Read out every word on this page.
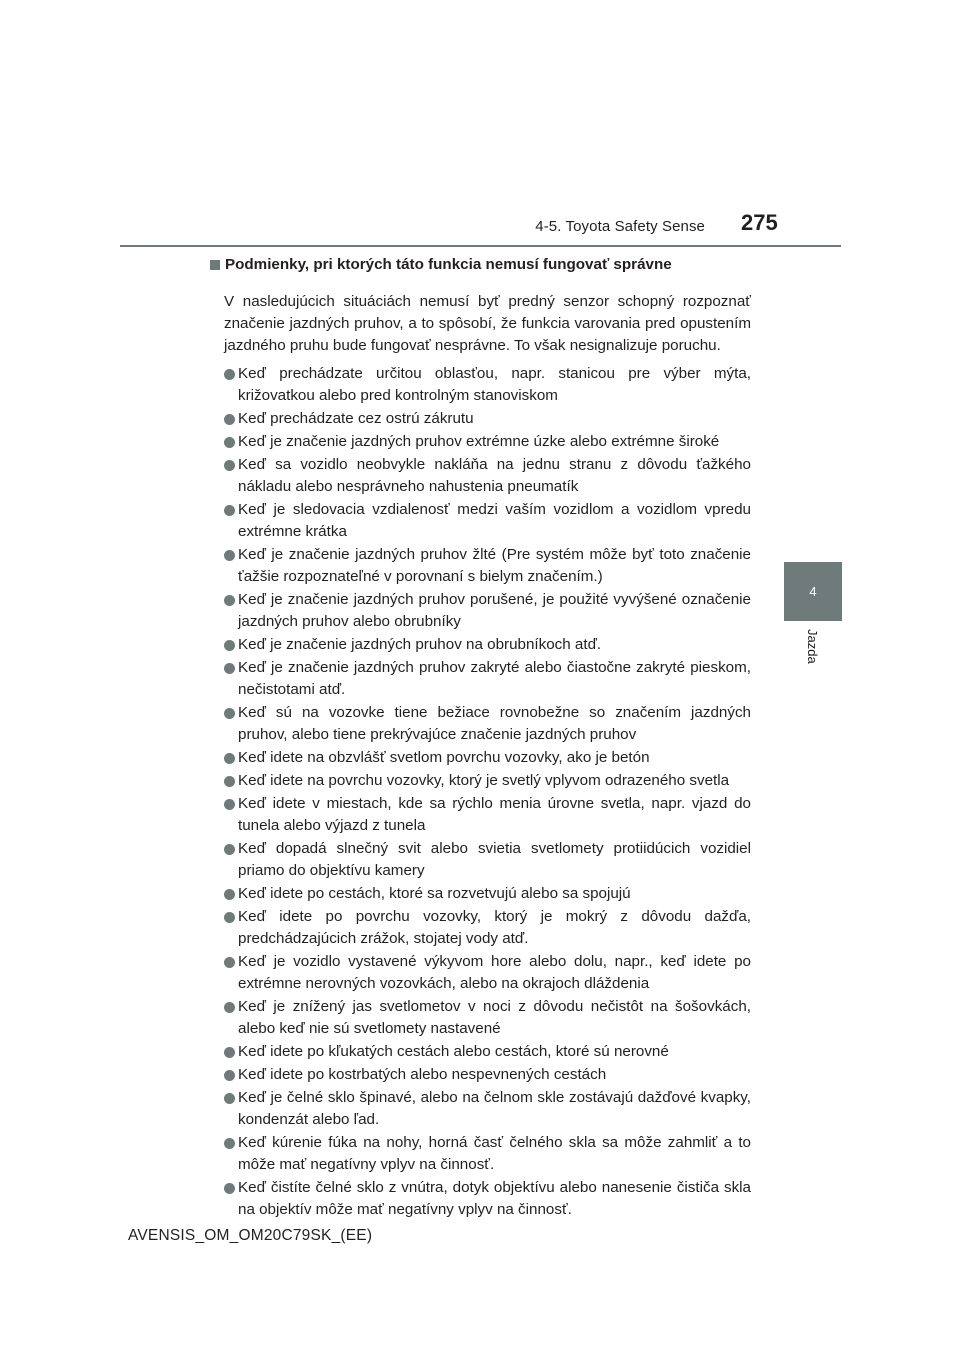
4-5. Toyota Safety Sense 275
4
Jazda
Podmienky, pri ktorých táto funkcia nemusí fungovať správne

V nasledujúcich situáciách nemusí byť predný senzor schopný rozpoznať značenie jazdných pruhov, a to spôsobí, že funkcia varovania pred opustením jazdného pruhu bude fungovať nesprávne. To však nesignalizuje poruchu.

Keď prechádzate určitou oblasťou, napr. stanicou pre výber mýta, križovatkou alebo pred kontrolným stanoviskom
Keď prechádzate cez ostrú zákrutu
Keď je značenie jazdných pruhov extrémne úzke alebo extrémne široké
Keď sa vozidlo neobvykle nakláňa na jednu stranu z dôvodu ťažkého nákladu alebo nesprávneho nahustenia pneumatík
Keď je sledovacia vzdialenosť medzi vaším vozidlom a vozidlom vpredu extrémne krátka
Keď je značenie jazdných pruhov žlté (Pre systém môže byť toto značenie ťažšie rozpoznateľné v porovnaní s bielym značením.)
Keď je značenie jazdných pruhov porušené, je použité vyvýšené označenie jazdných pruhov alebo obrubníky
Keď je značenie jazdných pruhov na obrubníkoch atď.
Keď je značenie jazdných pruhov zakryté alebo čiastočne zakryté pieskom, nečistotami atď.
Keď sú na vozovke tiene bežiace rovnobežne so značením jazdných pruhov, alebo tiene prekrývajúce značenie jazdných pruhov
Keď idete na obzvlášť svetlom povrchu vozovky, ako je betón
Keď idete na povrchu vozovky, ktorý je svetlý vplyvom odrazeného svetla
Keď idete v miestach, kde sa rýchlo menia úrovne svetla, napr. vjazd do tunela alebo výjazd z tunela
Keď dopadá slnečný svit alebo svietia svetlomety protiidúcich vozidiel priamo do objektívu kamery
Keď idete po cestách, ktoré sa rozvetvujú alebo sa spojujú
Keď idete po povrchu vozovky, ktorý je mokrý z dôvodu dažďa, predchádzajúcich zrážok, stojatej vody atď.
Keď je vozidlo vystavené výkyvom hore alebo dolu, napr., keď idete po extrémne nerovných vozovkách, alebo na okrajoch dláždenia
Keď je znížený jas svetlometov v noci z dôvodu nečistôt na šošovkách, alebo keď nie sú svetlomety nastavené
Keď idete po kľukatých cestách alebo cestách, ktoré sú nerovné
Keď idete po kostrbatých alebo nespevnených cestách
Keď je čelné sklo špinavé, alebo na čelnom skle zostávajú dažďové kvapky, kondenzát alebo ľad.
Keď kúrenie fúka na nohy, horná časť čelného skla sa môže zahmliť a to môže mať negatívny vplyv na činnosť.
Keď čistíte čelné sklo z vnútra, dotyk objektívu alebo nanesenie čističa skla na objektív môže mať negatívny vplyv na činnosť.
AVENSIS_OM_OM20C79SK_(EE)
